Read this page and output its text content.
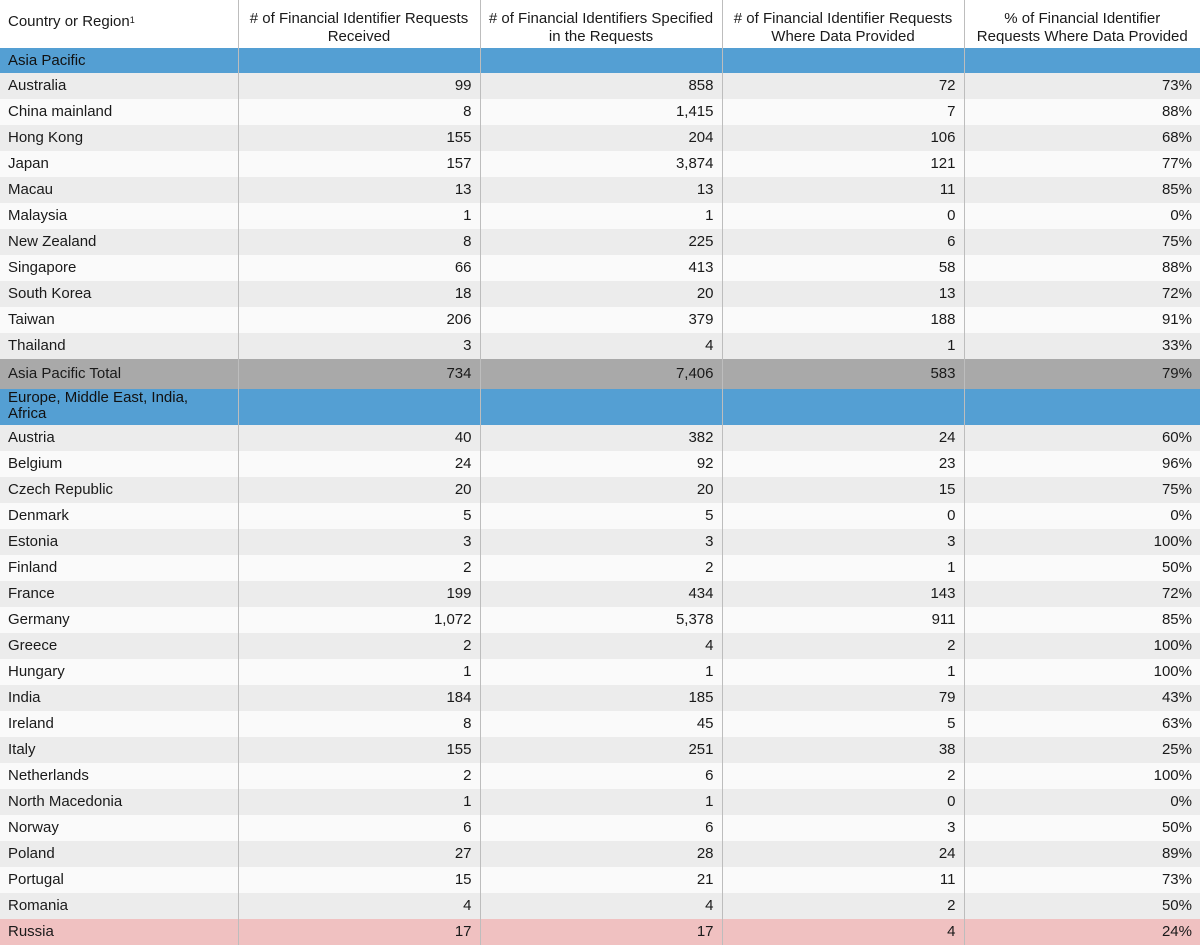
Country or Region$^1$	# of Financial Identifier Requests Received	# of Financial Identifiers Specified in the Requests	# of Financial Identifier Requests Where Data Provided	% of Financial Identifier Requests Where Data Provided
Asia Pacific				
Australia	99	858	72	73%
China mainland	8	1,415	7	88%
Hong Kong	155	204	106	68%
Japan	157	3,874	121	77%
Macau	13	13	11	85%
Malaysia	1	1	0	0%
New Zealand	8	225	6	75%
Singapore	66	413	58	88%
South Korea	18	20	13	72%
Taiwan	206	379	188	91%
Thailand	3	4	1	33%
Asia Pacific Total	734	7,406	583	79%
Europe, Middle East, India, Africa				
Austria	40	382	24	60%
Belgium	24	92	23	96%
Czech Republic	20	20	15	75%
Denmark	5	5	0	0%
Estonia	3	3	3	100%
Finland	2	2	1	50%
France	199	434	143	72%
Germany	1,072	5,378	911	85%
Greece	2	4	2	100%
Hungary	1	1	1	100%
India	184	185	79	43%
Ireland	8	45	5	63%
Italy	155	251	38	25%
Netherlands	2	6	2	100%
North Macedonia	1	1	0	0%
Norway	6	6	3	50%
Poland	27	28	24	89%
Portugal	15	21	11	73%
Romania	4	4	2	50%
Russia	17	17	4	24%
